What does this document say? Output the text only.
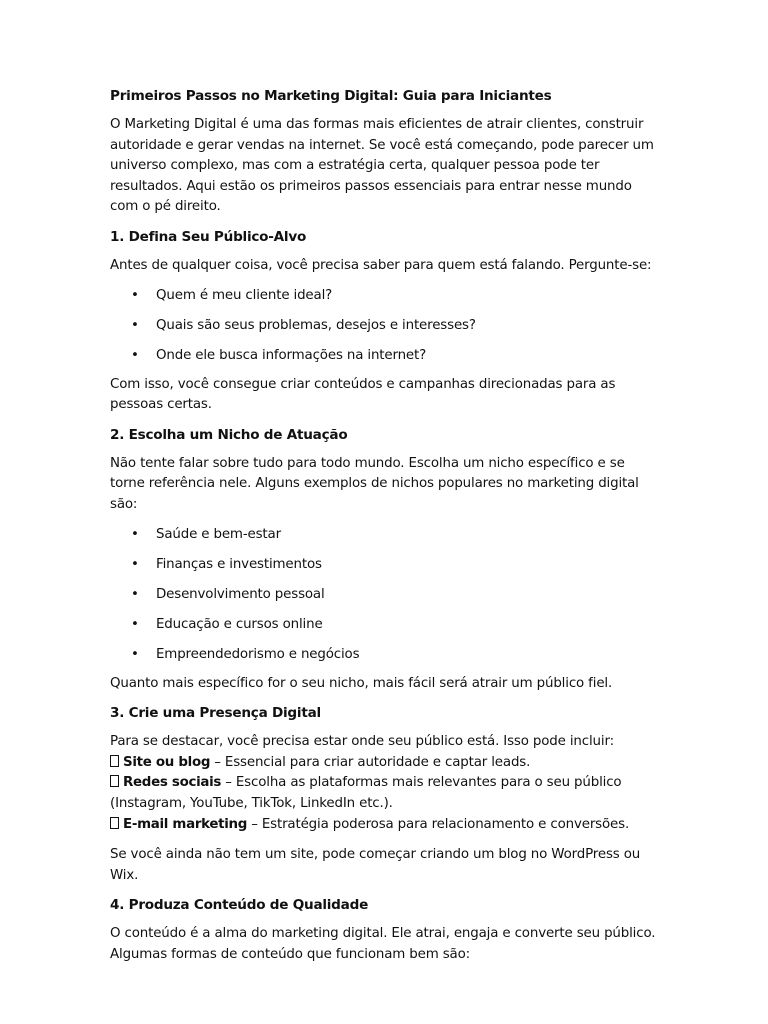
Primeiros Passos no Marketing Digital: Guia para Iniciantes

O Marketing Digital é uma das formas mais eficientes de atrair clientes, construir autoridade e gerar vendas na internet. Se você está começando, pode parecer um universo complexo, mas com a estratégia certa, qualquer pessoa pode ter resultados. Aqui estão os primeiros passos essenciais para entrar nesse mundo com o pé direito.

1. Defina Seu Público-Alvo

Antes de qualquer coisa, você precisa saber para quem está falando. Pergunte-se:

• Quem é meu cliente ideal?
• Quais são seus problemas, desejos e interesses?
• Onde ele busca informações na internet?

Com isso, você consegue criar conteúdos e campanhas direcionadas para as pessoas certas.

2. Escolha um Nicho de Atuação

Não tente falar sobre tudo para todo mundo. Escolha um nicho específico e se torne referência nele. Alguns exemplos de nichos populares no marketing digital são:

• Saúde e bem-estar
• Finanças e investimentos
• Desenvolvimento pessoal
• Educação e cursos online
• Empreendedorismo e negócios

Quanto mais específico for o seu nicho, mais fácil será atrair um público fiel.

3. Crie uma Presença Digital

Para se destacar, você precisa estar onde seu público está. Isso pode incluir:

Site ou blog – Essencial para criar autoridade e captar leads.

Redes sociais – Escolha as plataformas mais relevantes para o seu público (Instagram, YouTube, TikTok, LinkedIn etc.).

E-mail marketing – Estratégia poderosa para relacionamento e conversões.

Se você ainda não tem um site, pode começar criando um blog no WordPress ou Wix.

4. Produza Conteúdo de Qualidade

O conteúdo é a alma do marketing digital. Ele atrai, engaja e converte seu público. Algumas formas de conteúdo que funcionam bem são:
